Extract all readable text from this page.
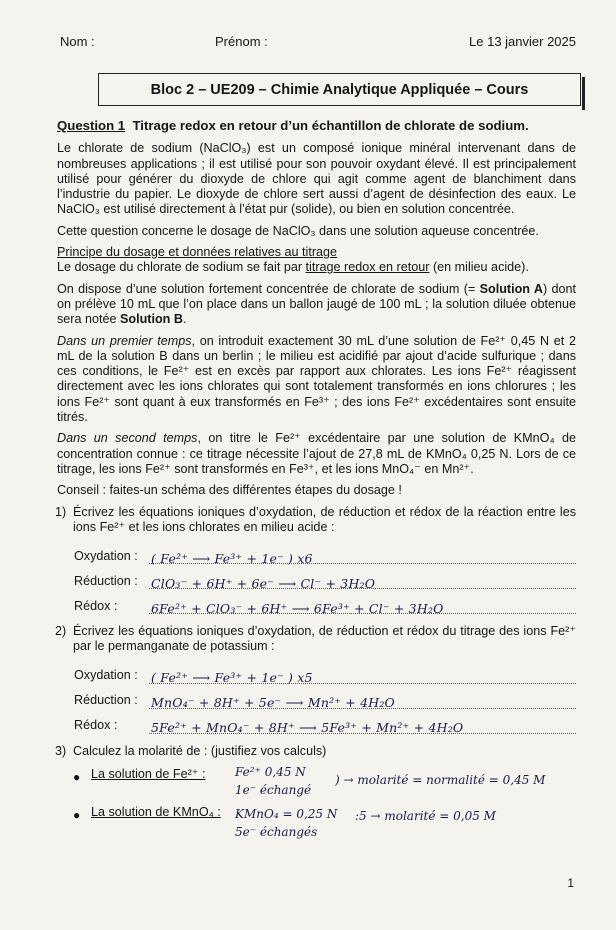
Nom :	Prénom :	Le 13 janvier 2025
Bloc 2 – UE209 – Chimie Analytique Appliquée – Cours

Question 1 Titrage redox en retour d’un échantillon de chlorate de sodium.

Le chlorate de sodium (NaClO₃) est un composé ionique minéral intervenant dans de nombreuses applications ; il est utilisé pour son pouvoir oxydant élevé. Il est principalement utilisé pour générer du dioxyde de chlore qui agit comme agent de blanchiment dans l’industrie du papier. Le dioxyde de chlore sert aussi d’agent de désinfection des eaux. Le NaClO₃ est utilisé directement à l’état pur (solide), ou bien en solution concentrée.

Cette question concerne le dosage de NaClO₃ dans une solution aqueuse concentrée.

Principe du dosage et données relatives au titrage

Le dosage du chlorate de sodium se fait par titrage redox en retour (en milieu acide).

On dispose d’une solution fortement concentrée de chlorate de sodium (= Solution A) dont on prélève 10 mL que l’on place dans un ballon jaugé de 100 mL ; la solution diluée obtenue sera notée Solution B.

Dans un premier temps, on introduit exactement 30 mL d’une solution de Fe²⁺ 0,45 N et 2 mL de la solution B dans un berlin ; le milieu est acidifié par ajout d’acide sulfurique ; dans ces conditions, le Fe²⁺ est en excès par rapport aux chlorates. Les ions Fe²⁺ réagissent directement avec les ions chlorates qui sont totalement transformés en ions chlorures ; les ions Fe²⁺ sont quant à eux transformés en Fe³⁺ ; des ions Fe²⁺ excédentaires sont ensuite titrés.

Dans un second temps, on titre le Fe²⁺ excédentaire par une solution de KMnO₄ de concentration connue : ce titrage nécessite l’ajout de 27,8 mL de KMnO₄ 0,25 N. Lors de ce titrage, les ions Fe²⁺ sont transformés en Fe³⁺, et les ions MnO₄⁻ en Mn²⁺.

Conseil : faites-un schéma des différentes étapes du dosage !

1) Écrivez les équations ioniques d’oxydation, de réduction et rédox de la réaction entre les ions Fe²⁺ et les ions chlorates en milieu acide :
Oxydation :	( Fe²⁺ ⟶ Fe³⁺ + 1e⁻ ) x6
Réduction :	ClO₃⁻ + 6H⁺ + 6e⁻ ⟶ Cl⁻ + 3H₂O
Rédox :	6Fe²⁺ + ClO₃⁻ + 6H⁺ ⟶ 6Fe³⁺ + Cl⁻ + 3H₂O
2) Écrivez les équations ioniques d’oxydation, de réduction et rédox du titrage des ions Fe²⁺ par le permanganate de potassium :
Oxydation :	( Fe²⁺ ⟶ Fe³⁺ + 1e⁻ ) x5
Réduction :	MnO₄⁻ + 8H⁺ + 5e⁻ ⟶ Mn²⁺ + 4H₂O
Rédox :	5Fe²⁺ + MnO₄⁻ + 8H⁺ ⟶ 5Fe³⁺ + Mn²⁺ + 4H₂O
3) Calculez la molarité de : (justifiez vos calculs)
● La solution de Fe²⁺ : Fe²⁺ 0,45 N
1e⁻ échangé
) → molarité = normalité = 0,45 M
● La solution de KMnO₄ : KMnO₄ = 0,25 N
5e⁻ échangés
:5 → molarité = 0,05 M
1
